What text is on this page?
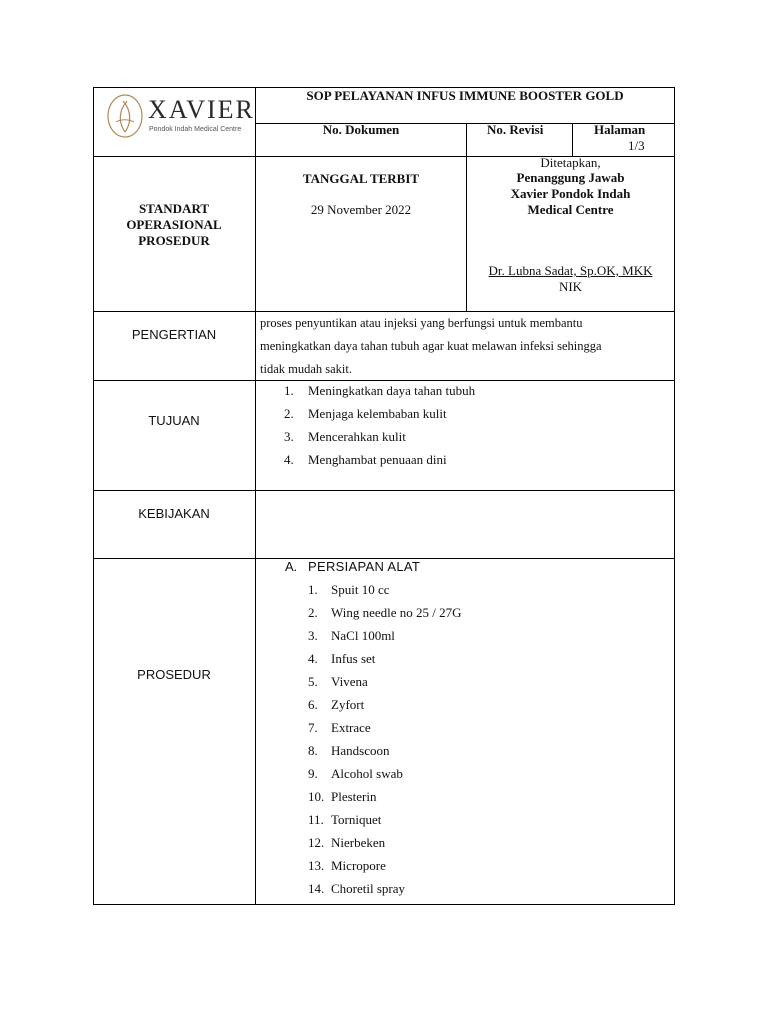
XAVIER
Pondok Indah Medical Centre
SOP PELAYANAN INFUS IMMUNE BOOSTER GOLD
No. Dokumen	No. Revisi	Halaman
1/3
STANDART
OPERASIONAL
PROSEDUR
TANGGAL TERBIT
29 November 2022
Ditetapkan,
Penanggung Jawab
Xavier Pondok Indah
Medical Centre
Dr. Lubna Sadat, Sp.OK, MKK
NIK
PENGERTIAN
proses penyuntikan atau injeksi yang berfungsi untuk membantu
meningkatkan daya tahan tubuh agar kuat melawan infeksi sehingga
tidak mudah sakit.
TUJUAN
1.	Meningkatkan daya tahan tubuh
2.	Menjaga kelembaban kulit
3.	Mencerahkan kulit
4.	Menghambat penuaan dini
KEBIJAKAN
PROSEDUR
A. PERSIAPAN ALAT
1.	Spuit 10 cc
2.	Wing needle no 25 / 27G
3.	NaCl 100ml
4.	Infus set
5.	Vivena
6.	Zyfort
7.	Extrace
8.	Handscoon
9.	Alcohol swab
10. Plesterin
11. Torniquet
12. Nierbeken
13. Micropore
14. Choretil spray
